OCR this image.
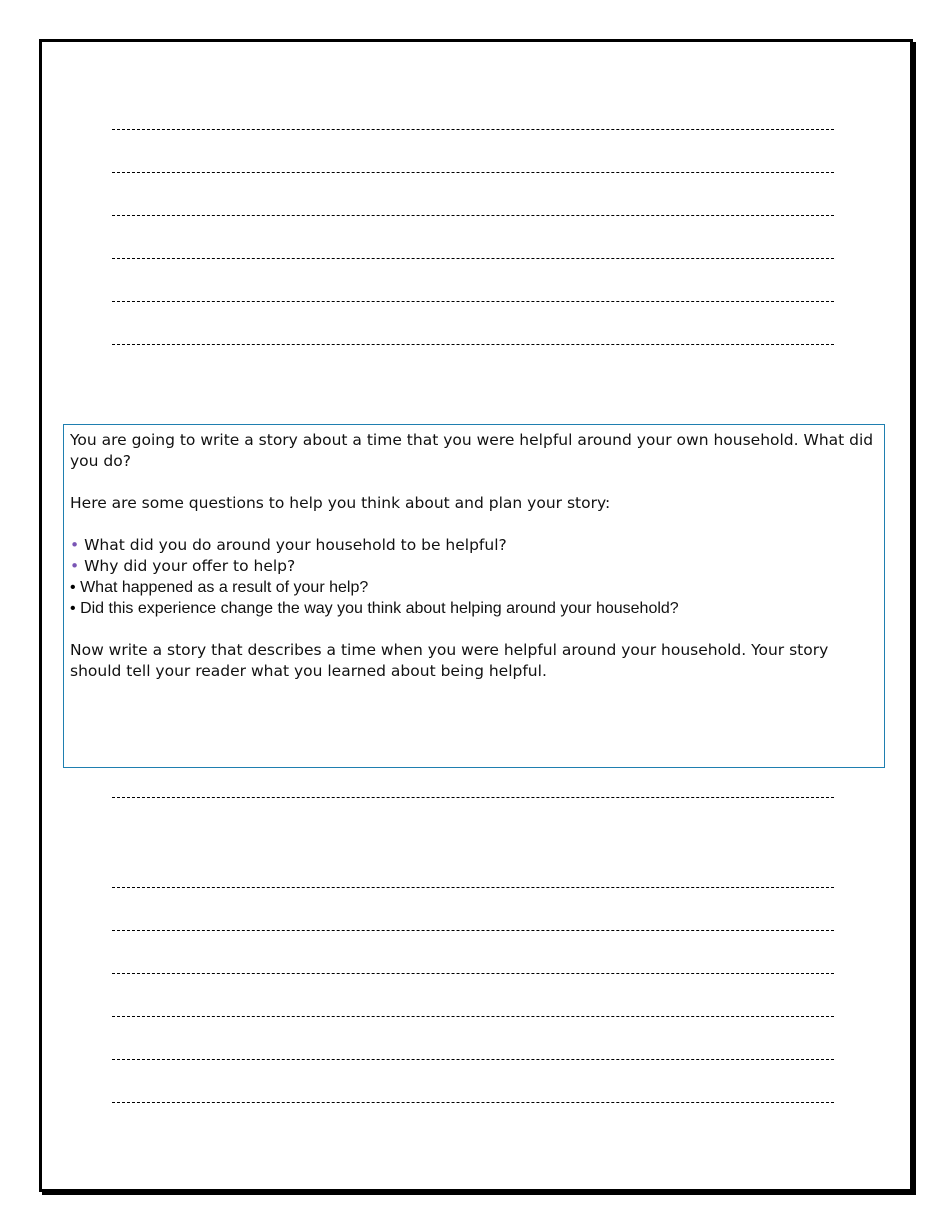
You are going to write a story about a time that you were helpful around your own household. What did you do?

Here are some questions to help you think about and plan your story:

• What did you do around your household to be helpful?
• Why did your offer to help?
• What happened as a result of your help?
• Did this experience change the way you think about helping around your household?

Now write a story that describes a time when you were helpful around your household. Your story should tell your reader what you learned about being helpful.
